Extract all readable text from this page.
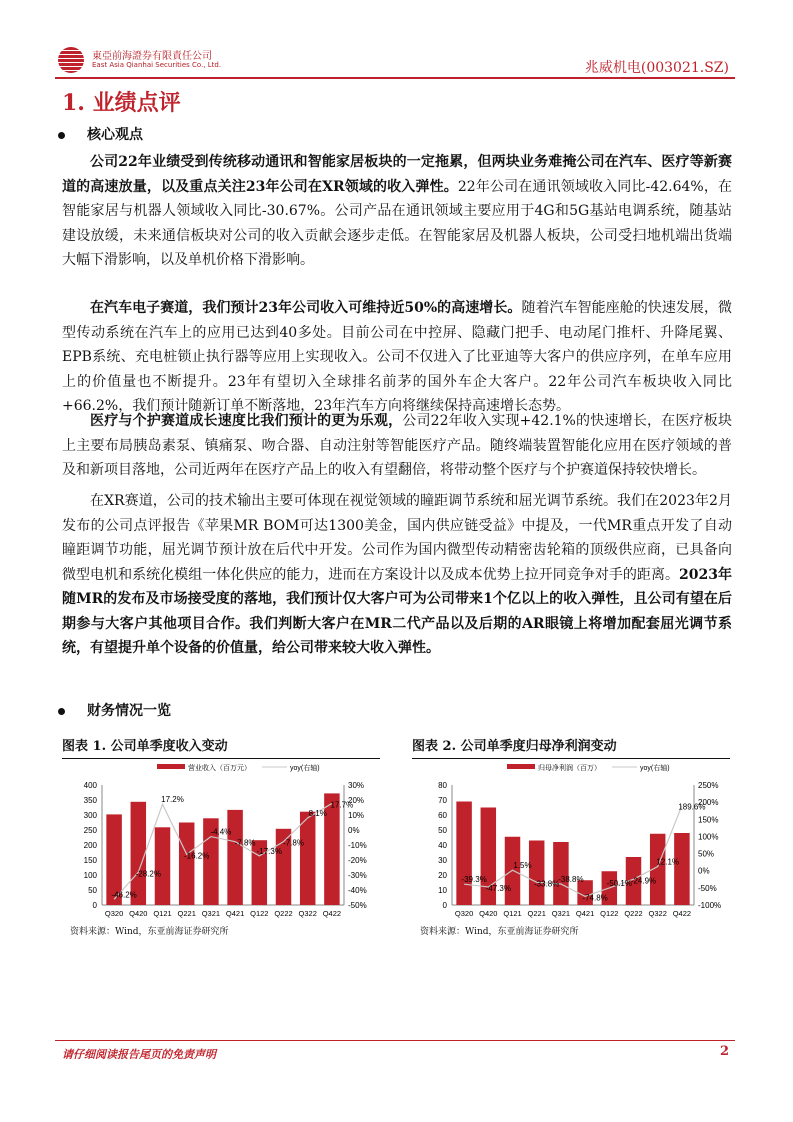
東亞前海證券有限責任公司
East Asia Qianhai Securities Co., Ltd.	兆威机电(003021.SZ)
1. 业绩点评
核心观点
公司22年业绩受到传统移动通讯和智能家居板块的一定拖累，但两块业务难掩公司在汽车、医疗等新赛道的高速放量，以及重点关注23年公司在XR领域的收入弹性。22年公司在通讯领域收入同比-42.64%，在智能家居与机器人领域收入同比-30.67%。公司产品在通讯领域主要应用于4G和5G基站电调系统，随基站建设放缓，未来通信板块对公司的收入贡献会逐步走低。在智能家居及机器人板块，公司受扫地机端出货端大幅下滑影响，以及单机价格下滑影响。
在汽车电子赛道，我们预计23年公司收入可维持近50%的高速增长。随着汽车智能座舱的快速发展，微型传动系统在汽车上的应用已达到40多处。目前公司在中控屏、隐藏门把手、电动尾门推杆、升降尾翼、EPB系统、充电桩锁止执行器等应用上实现收入。公司不仅进入了比亚迪等大客户的供应序列，在单车应用上的价值量也不断提升。23年有望切入全球排名前茅的国外车企大客户。22年公司汽车板块收入同比+66.2%，我们预计随新订单不断落地，23年汽车方向将继续保持高速增长态势。
医疗与个护赛道成长速度比我们预计的更为乐观，公司22年收入实现+42.1%的快速增长，在医疗板块上主要布局胰岛素泵、镇痛泵、吻合器、自动注射等智能医疗产品。随终端装置智能化应用在医疗领域的普及和新项目落地，公司近两年在医疗产品上的收入有望翻倍，将带动整个医疗与个护赛道保持较快增长。
在XR赛道，公司的技术输出主要可体现在视觉领域的瞳距调节系统和屈光调节系统。我们在2023年2月发布的公司点评报告《苹果MR BOM可达1300美金，国内供应链受益》中提及，一代MR重点开发了自动瞳距调节功能，屈光调节预计放在后代中开发。公司作为国内微型传动精密齿轮箱的顶级供应商，已具备向微型电机和系统化模组一体化供应的能力，进而在方案设计以及成本优势上拉开同竞争对手的距离。2023年随MR的发布及市场接受度的落地，我们预计仅大客户可为公司带来1个亿以上的收入弹性，且公司有望在后期参与大客户其他项目合作。我们判断大客户在MR二代产品以及后期的AR眼镜上将增加配套屈光调节系统，有望提升单个设备的价值量，给公司带来较大收入弹性。
财务情况一览
图表 1. 公司单季度收入变动	图表 2. 公司单季度归母净利润变动
营业收入（百万元）	yoy(右轴)
0
50
100
150
200
250
300
350
400
-50%
-40%
-30%
-20%
-10%
0%
10%
20%
30%
Q320 Q420 Q121 Q221 Q321 Q421 Q122 Q222 Q322 Q422
-46.2%
-28.2%
17.2%
-16.2%
-4.4%
-7.8%
-17.3%
-7.8%
8.1%
17.7%
归母净利润（百万）	yoy(右轴)
0
10
20
30
40
50
60
70
80
-100%
-50%
0%
50%
100%
150%
200%
250%
Q320 Q420 Q121 Q221 Q321 Q421 Q122 Q222 Q322 Q422
-39.3%
-47.3%
1.5%
-33.8%
-38.8%
-74.8%
-50.1%
-24.9%
12.1%
189.6%
资料来源：Wind，东亚前海证券研究所	资料来源：Wind，东亚前海证券研究所
请仔细阅读报告尾页的免责声明	2
